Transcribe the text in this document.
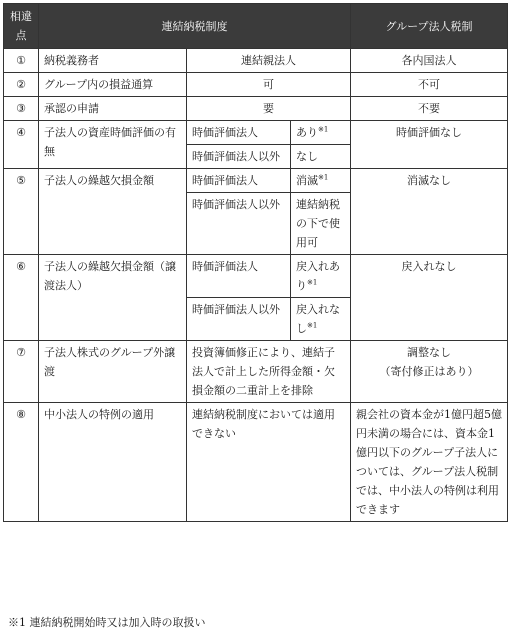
相違点	連結納税制度			グループ法人税制
①	納税義務者	連結親法人		各内国法人
②	グループ内の損益通算	可		不可
③	承認の申請	要		不要
④	子法人の資産時価評価の有無	時価評価法人	あり$^{※1}$	時価評価なし
		時価評価法人以外	なし	
⑤	子法人の繰越欠損金額	時価評価法人	消滅$^{※1}$	消滅なし
		時価評価法人以外	連結納税の下で使用可	
⑥	子法人の繰越欠損金額（譲渡法人）	時価評価法人	戻入れあり$^{※1}$	戻入れなし
		時価評価法人以外	戻入れなし$^{※1}$
⑦	子法人株式のグループ外譲渡	投資簿価修正により、連結子法人で計上した所得金額・欠損金額の二重計上を排除		調整なし
（寄付修正はあり）

⑧	中小法人の特例の適用	連結納税制度においては適用できない		親会社の資本金が1億円超5億円未満の場合には、資本金1億円以下のグループ子法人については、グループ法人税制では、中小法人の特例は利用できます
※1 連結納税開始時又は加入時の取扱い
